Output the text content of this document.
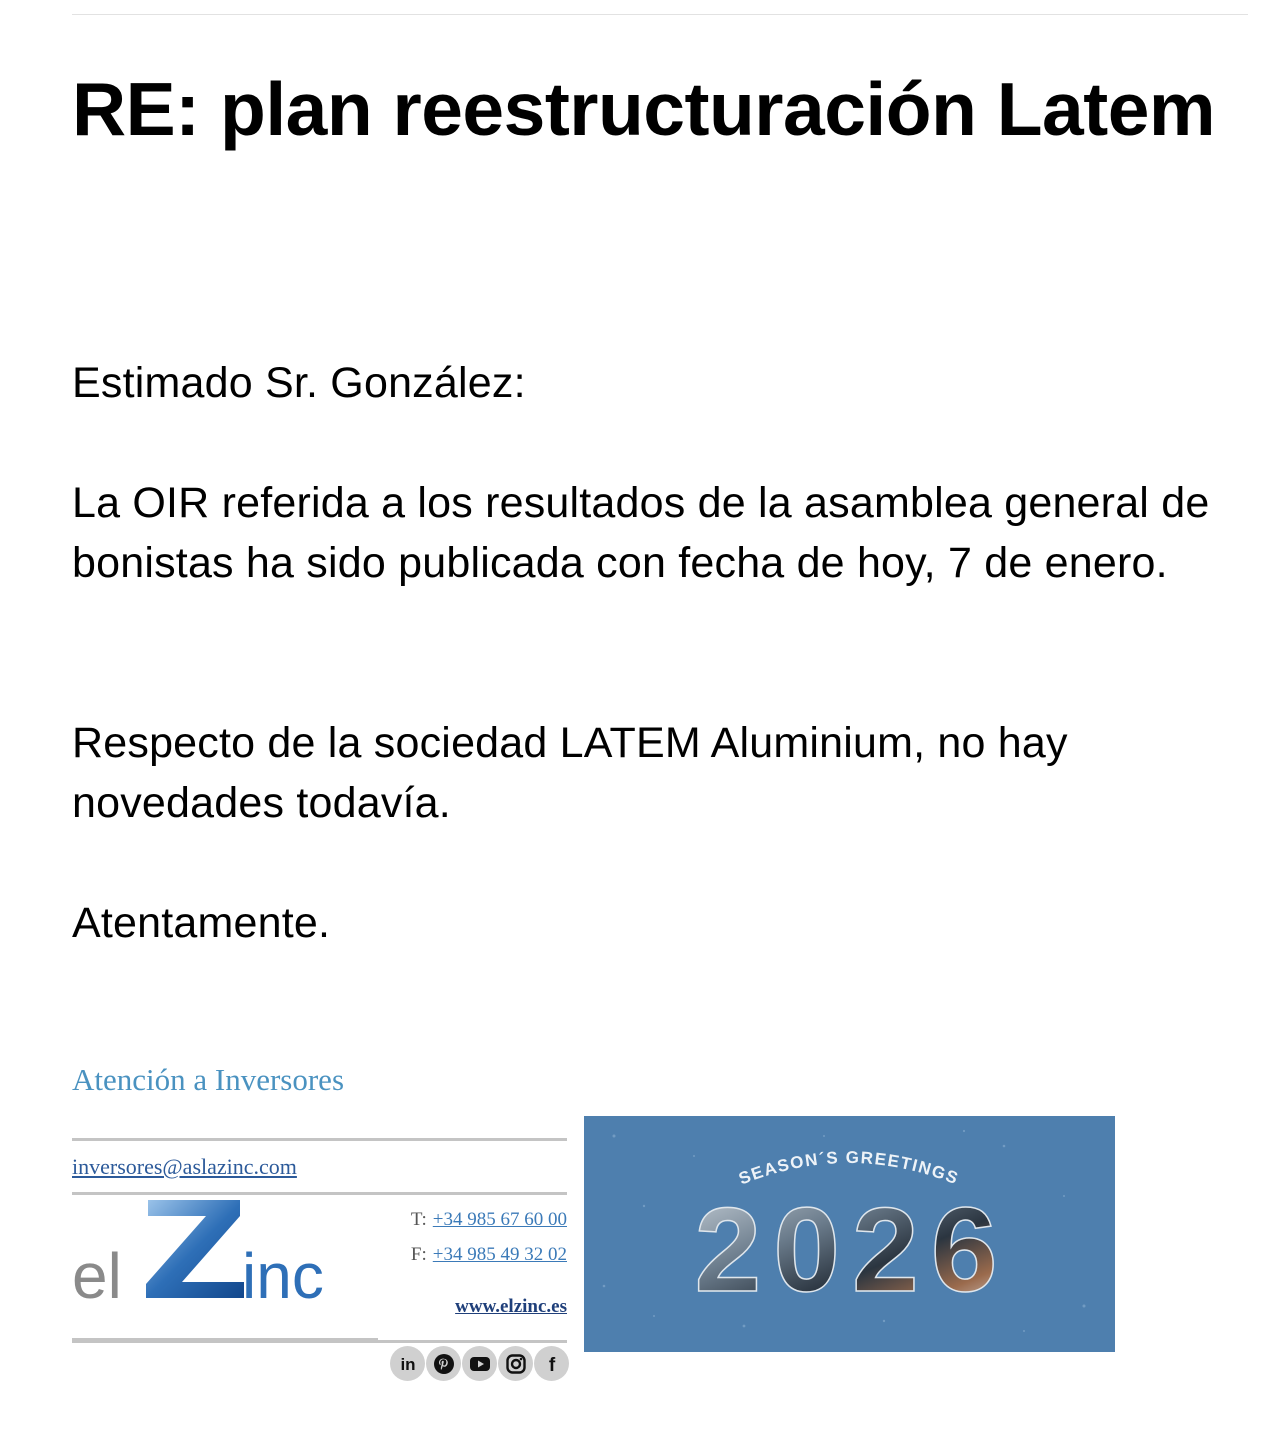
RE: plan reestructuración Latem

Estimado Sr. González:

La OIR referida a los resultados de la asamblea general de bonistas ha sido publicada con fecha de hoy, 7 de enero.

Respecto de la sociedad LATEM Aluminium, no hay novedades todavía.

Atentamente.

Atención a Inversores

inversores@aslazinc.com
el inc
T: +34 985 67 60 00
F: +34 985 49 32 02
www.elzinc.es
in	f
SEASON´S GREETINGS
2026
